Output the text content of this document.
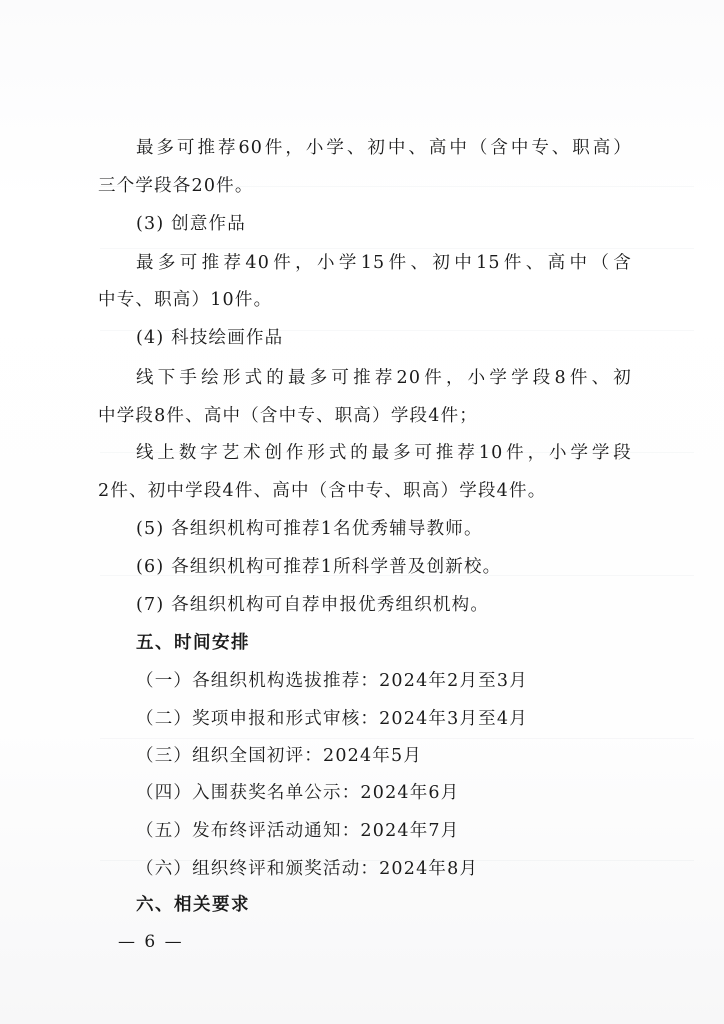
最多可推荐60件，小学、初中、高中（含中专、职高）
三个学段各20件。
(3) 创意作品
最多可推荐40件，小学15件、初中15件、高中（含
中专、职高）10件。
(4) 科技绘画作品
线下手绘形式的最多可推荐20件，小学学段8件、初
中学段8件、高中（含中专、职高）学段4件；
线上数字艺术创作形式的最多可推荐10件，小学学段
2件、初中学段4件、高中（含中专、职高）学段4件。
(5) 各组织机构可推荐1名优秀辅导教师。
(6) 各组织机构可推荐1所科学普及创新校。
(7) 各组织机构可自荐申报优秀组织机构。
五、时间安排
（一）各组织机构选拔推荐：2024年2月至3月
（二）奖项申报和形式审核：2024年3月至4月
（三）组织全国初评：2024年5月
（四）入围获奖名单公示：2024年6月
（五）发布终评活动通知：2024年7月
（六）组织终评和颁奖活动：2024年8月
六、相关要求
— 6 —
